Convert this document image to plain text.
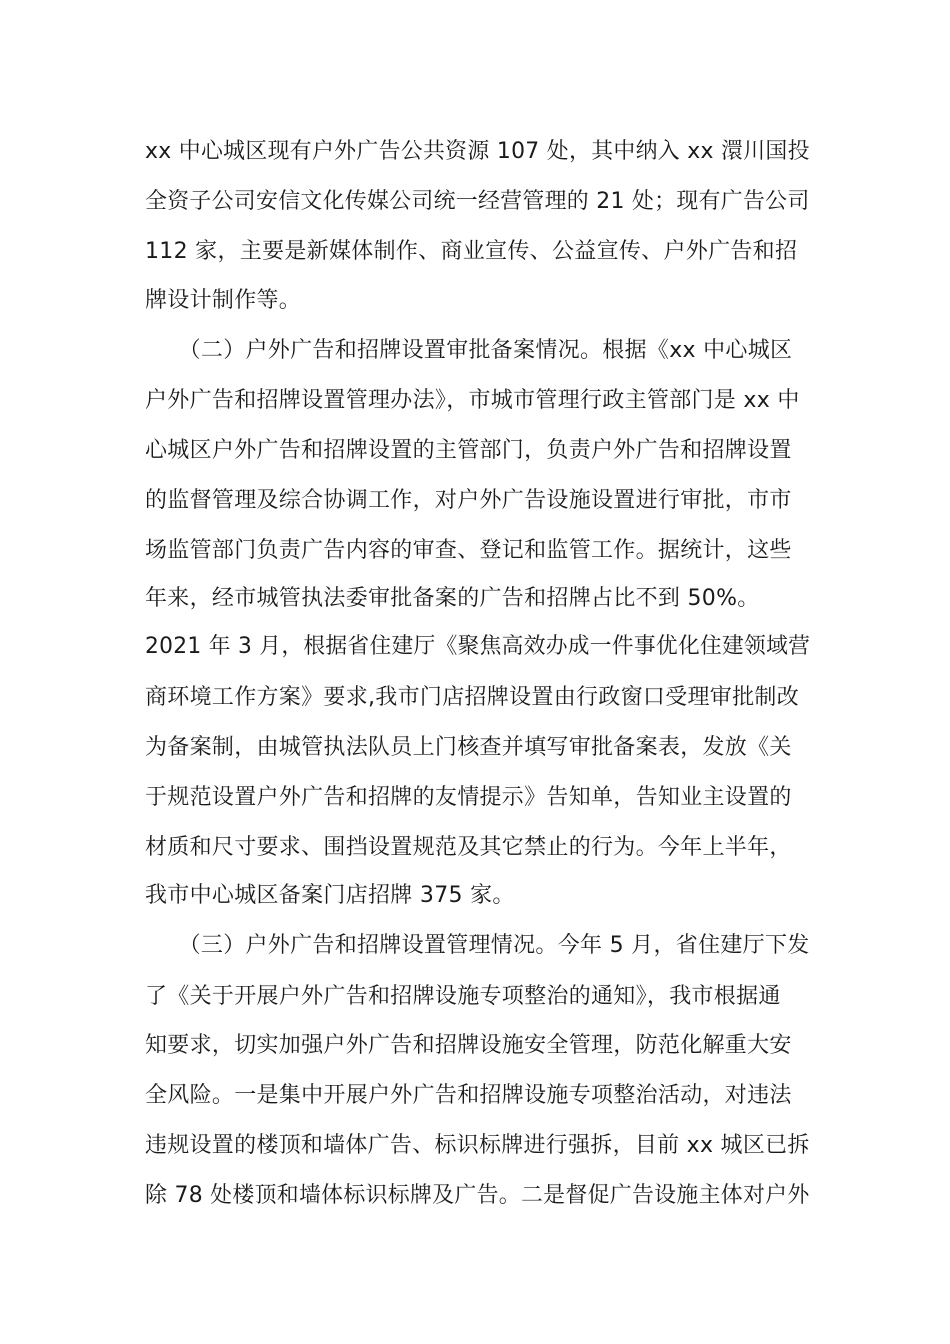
xx 中心城区现有户外广告公共资源 107 处，其中纳入 xx 澴川国投
全资子公司安信文化传媒公司统一经营管理的 21 处；现有广告公司
112 家，主要是新媒体制作、商业宣传、公益宣传、户外广告和招
牌设计制作等。
　　（二）户外广告和招牌设置审批备案情况。根据《xx 中心城区
户外广告和招牌设置管理办法》，市城市管理行政主管部门是 xx 中
心城区户外广告和招牌设置的主管部门，负责户外广告和招牌设置
的监督管理及综合协调工作，对户外广告设施设置进行审批，市市
场监管部门负责广告内容的审查、登记和监管工作。据统计，这些
年来，经市城管执法委审批备案的广告和招牌占比不到 50%。
2021 年 3 月，根据省住建厅《聚焦高效办成一件事优化住建领域营
商环境工作方案》要求,我市门店招牌设置由行政窗口受理审批制改
为备案制，由城管执法队员上门核查并填写审批备案表，发放《关
于规范设置户外广告和招牌的友情提示》告知单，告知业主设置的
材质和尺寸要求、围挡设置规范及其它禁止的行为。今年上半年，
我市中心城区备案门店招牌 375 家。
　　（三）户外广告和招牌设置管理情况。今年 5 月，省住建厅下发
了《关于开展户外广告和招牌设施专项整治的通知》，我市根据通
知要求，切实加强户外广告和招牌设施安全管理，防范化解重大安
全风险。一是集中开展户外广告和招牌设施专项整治活动，对违法
违规设置的楼顶和墙体广告、标识标牌进行强拆，目前 xx 城区已拆
除 78 处楼顶和墙体标识标牌及广告。二是督促广告设施主体对户外
